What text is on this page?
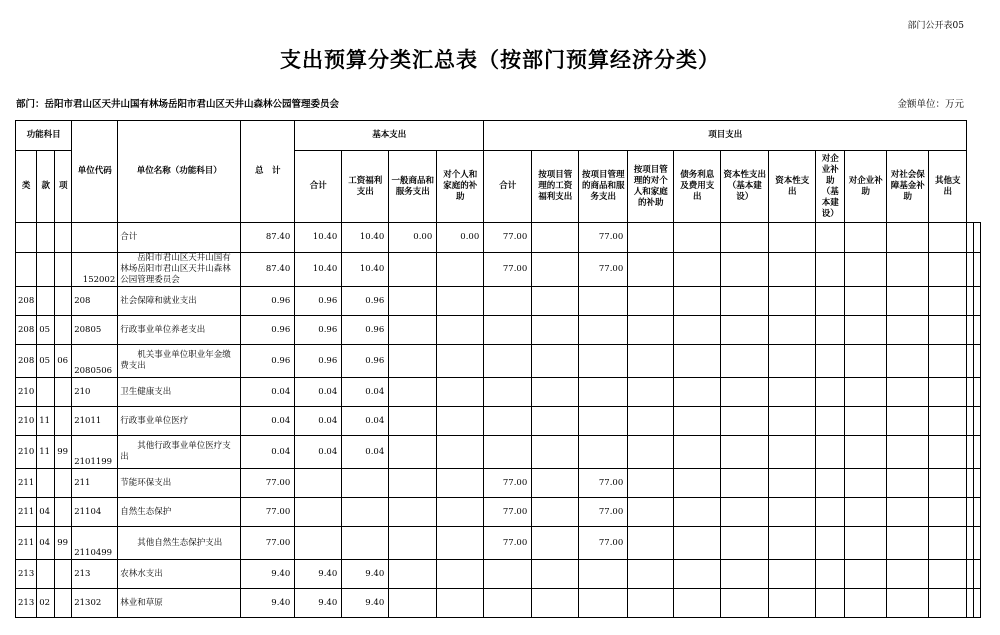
部门公开表05
支出预算分类汇总表（按部门预算经济分类）
部门：岳阳市君山区天井山国有林场岳阳市君山区天井山森林公园管理委员会	金额单位：万元
功能科目			单位代码	单位名称（功能科目）	总　计	基本支出				项目支出												
类	款	项				合计	工资福利支出	一般商品和服务支出	对个人和家庭的补助	合计	按项目管理的工资福利支出	按项目管理的商品和服务支出	按项目管理的对个人和家庭的补助	债务利息及费用支出	资本性支出（基本建设）	资本性支出	对企业补助（基本建设）	对企业补助	对社会保障基金补助	其他支出		
				合计	87.40	10.40	10.40	0.00	0.00	77.00		77.00										
			152002	岳阳市君山区天井山国有林场岳阳市君山区天井山森林公园管理委员会	87.40	10.40	10.40			77.00		77.00										
208			208	社会保障和就业支出	0.96	0.96	0.96															
208	05		20805	行政事业单位养老支出	0.96	0.96	0.96															
208	05	06	2080506	机关事业单位职业年金缴费支出	0.96	0.96	0.96															
210			210	卫生健康支出	0.04	0.04	0.04															
210	11		21011	行政事业单位医疗	0.04	0.04	0.04															
210	11	99	2101199	其他行政事业单位医疗支出	0.04	0.04	0.04															
211			211	节能环保支出	77.00					77.00		77.00										
211	04		21104	自然生态保护	77.00					77.00		77.00										
211	04	99	2110499	其他自然生态保护支出	77.00					77.00		77.00										
213			213	农林水支出	9.40	9.40	9.40															
213	02		21302	林业和草原	9.40	9.40	9.40															
